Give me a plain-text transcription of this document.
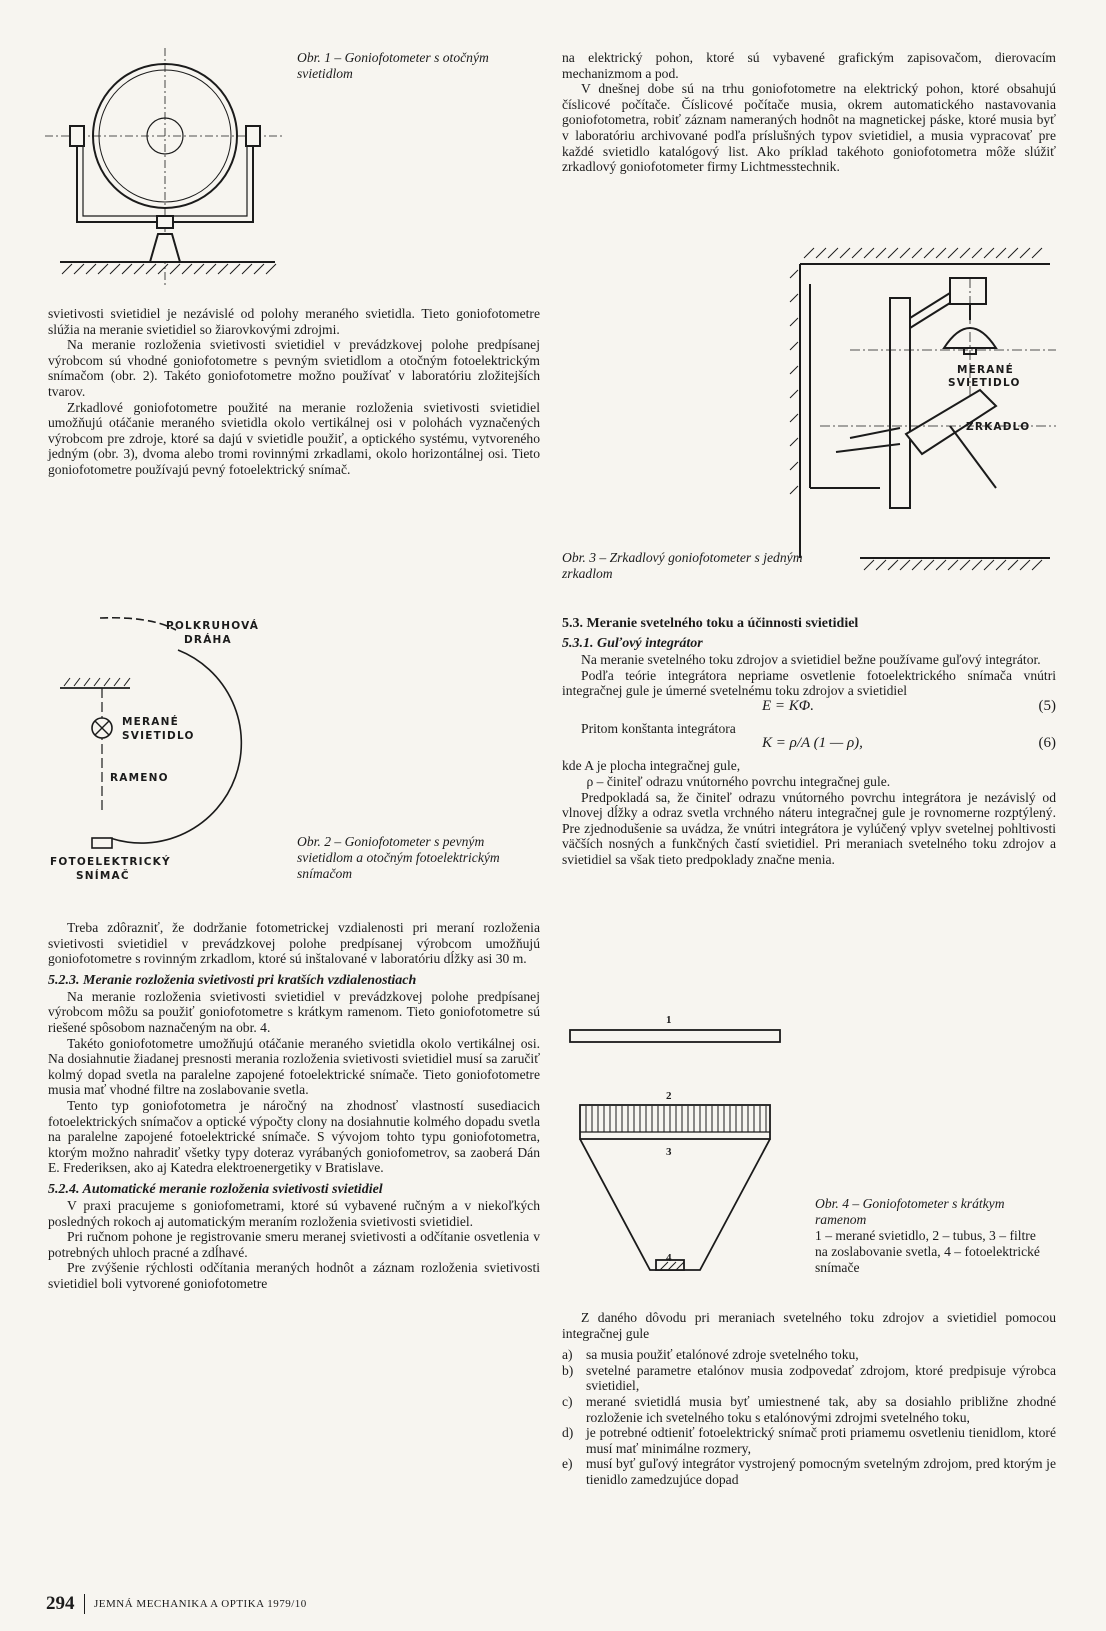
Obr. 1 – Goniofotometer s otočným svietidlom

na elektrický pohon, ktoré sú vybavené grafickým zapisovačom, dierovacím mechanizmom a pod.

V dnešnej dobe sú na trhu goniofotometre na elektrický pohon, ktoré obsahujú číslicové počítače. Číslicové počítače musia, okrem automatického nastavovania goniofotometra, robiť záznam nameraných hodnôt na magnetickej páske, ktoré musia byť v laboratóriu archivované podľa príslušných typov svietidiel, a musia vypracovať pre každé svietidlo katalógový list. Ako príklad takéhoto goniofotometra môže slúžiť zrkadlový goniofotometer firmy Lichtmesstechnik.

svietivosti svietidiel je nezávislé od polohy meraného svietidla. Tieto goniofotometre slúžia na meranie svietidiel so žiarovkovými zdrojmi.

Na meranie rozloženia svietivosti svietidiel v prevádzkovej polohe predpísanej výrobcom sú vhodné goniofotometre s pevným svietidlom a otočným fotoelektrickým snímačom (obr. 2). Takéto goniofotometre možno používať v laboratóriu zložitejších tvarov.

Zrkadlové goniofotometre použité na meranie rozloženia svietivosti svietidiel umožňujú otáčanie meraného svietidla okolo vertikálnej osi v polohách vyznačených výrobcom pre zdroje, ktoré sa dajú v svietidle použiť, a optického systému, vytvoreného jedným (obr. 3), dvoma alebo tromi rovinnými zrkadlami, okolo horizontálnej osi. Tieto goniofotometre používajú pevný fotoelektrický snímač.

MERANÉ
SVIETIDLO
ZRKADLO
Obr. 3 – Zrkadlový goniofotometer s jedným zrkadlom
POLKRUHOVÁ
DRÁHA
MERANÉ
SVIETIDLO
RAMENO
FOTOELEKTRICKÝ
SNÍMAČ
Obr. 2 – Goniofotometer s pevným svietidlom a otočným fotoelektrickým snímačom
5.3. Meranie svetelného toku a účinnosti svietidiel
5.3.1. Guľový integrátor

Na meranie svetelného toku zdrojov a svietidiel bežne používame guľový integrátor.

Podľa teórie integrátora nepriame osvetlenie fotoelektrického snímača vnútri integračnej gule je úmerné svetelnému toku zdrojov a svietidiel

E = KΦ.	(5)

Pritom konštanta integrátora

K = ρ/A (1 — ρ),	(6)

kde A je plocha integračnej gule,

ρ – činiteľ odrazu vnútorného povrchu integračnej gule.

Predpokladá sa, že činiteľ odrazu vnútorného povrchu integrátora je nezávislý od vlnovej dĺžky a odraz svetla vrchného náteru integračnej gule je rovnomerne rozptýlený. Pre zjednodušenie sa uvádza, že vnútri integrátora je vylúčený vplyv svetelnej pohltivosti väčších nosných a funkčných častí svietidiel. Pri meraniach svetelného toku zdrojov a svietidiel sa však tieto predpoklady značne menia.

Treba zdôrazniť, že dodržanie fotometrickej vzdialenosti pri meraní rozloženia svietivosti svietidiel v prevádzkovej polohe predpísanej výrobcom umožňujú goniofotometre s rovinným zrkadlom, ktoré sú inštalované v laboratóriu dĺžky asi 30 m.

5.2.3. Meranie rozloženia svietivosti pri kratších vzdialenostiach

Na meranie rozloženia svietivosti svietidiel v prevádzkovej polohe predpísanej výrobcom môžu sa použiť goniofotometre s krátkym ramenom. Tieto goniofotometre sú riešené spôsobom naznačeným na obr. 4.

Takéto goniofotometre umožňujú otáčanie meraného svietidla okolo vertikálnej osi. Na dosiahnutie žiadanej presnosti merania rozloženia svietivosti svietidiel musí sa zaručiť kolmý dopad svetla na paralelne zapojené fotoelektrické snímače. Tieto goniofotometre musia mať vhodné filtre na zoslabovanie svetla.

Tento typ goniofotometra je náročný na zhodnosť vlastností susediacich fotoelektrických snímačov a optické výpočty clony na dosiahnutie kolmého dopadu svetla na paralelne zapojené fotoelektrické snímače. S vývojom tohto typu goniofotometra, ktorým možno nahradiť všetky typy doteraz vyrábaných goniofometrov, sa zaoberá Dán E. Frederiksen, ako aj Katedra elektroenergetiky v Bratislave.

5.2.4. Automatické meranie rozloženia svietivosti svietidiel

V praxi pracujeme s goniofometrami, ktoré sú vybavené ručným a v niekoľkých posledných rokoch aj automatickým meraním rozloženia svietivosti svietidiel.

Pri ručnom pohone je registrovanie smeru meranej svietivosti a odčítanie osvetlenia v potrebných uhloch pracné a zdĺhavé.

Pre zvýšenie rýchlosti odčítania meraných hodnôt a záznam rozloženia svietivosti svietidiel boli vytvorené goniofotometre

1
2
3
4
Obr. 4 – Goniofotometer s krátkym ramenom
1 – merané svietidlo, 2 – tubus, 3 – filtre na zoslabovanie svetla, 4 – fotoelektrické snímače

Z daného dôvodu pri meraniach svetelného toku zdrojov a svietidiel pomocou integračnej gule

a) sa musia použiť etalónové zdroje svetelného toku,
b) svetelné parametre etalónov musia zodpovedať zdrojom, ktoré predpisuje výrobca svietidiel,
c) merané svietidlá musia byť umiestnené tak, aby sa dosiahlo približne zhodné rozloženie ich svetelného toku s etalónovými zdrojmi svetelného toku,
d) je potrebné odtieniť fotoelektrický snímač proti priamemu osvetleniu tienidlom, ktoré musí mať minimálne rozmery,
e) musí byť guľový integrátor vystrojený pomocným svetelným zdrojom, pred ktorým je tienidlo zamedzujúce dopad
294 JEMNÁ MECHANIKA A OPTIKA 1979/10
